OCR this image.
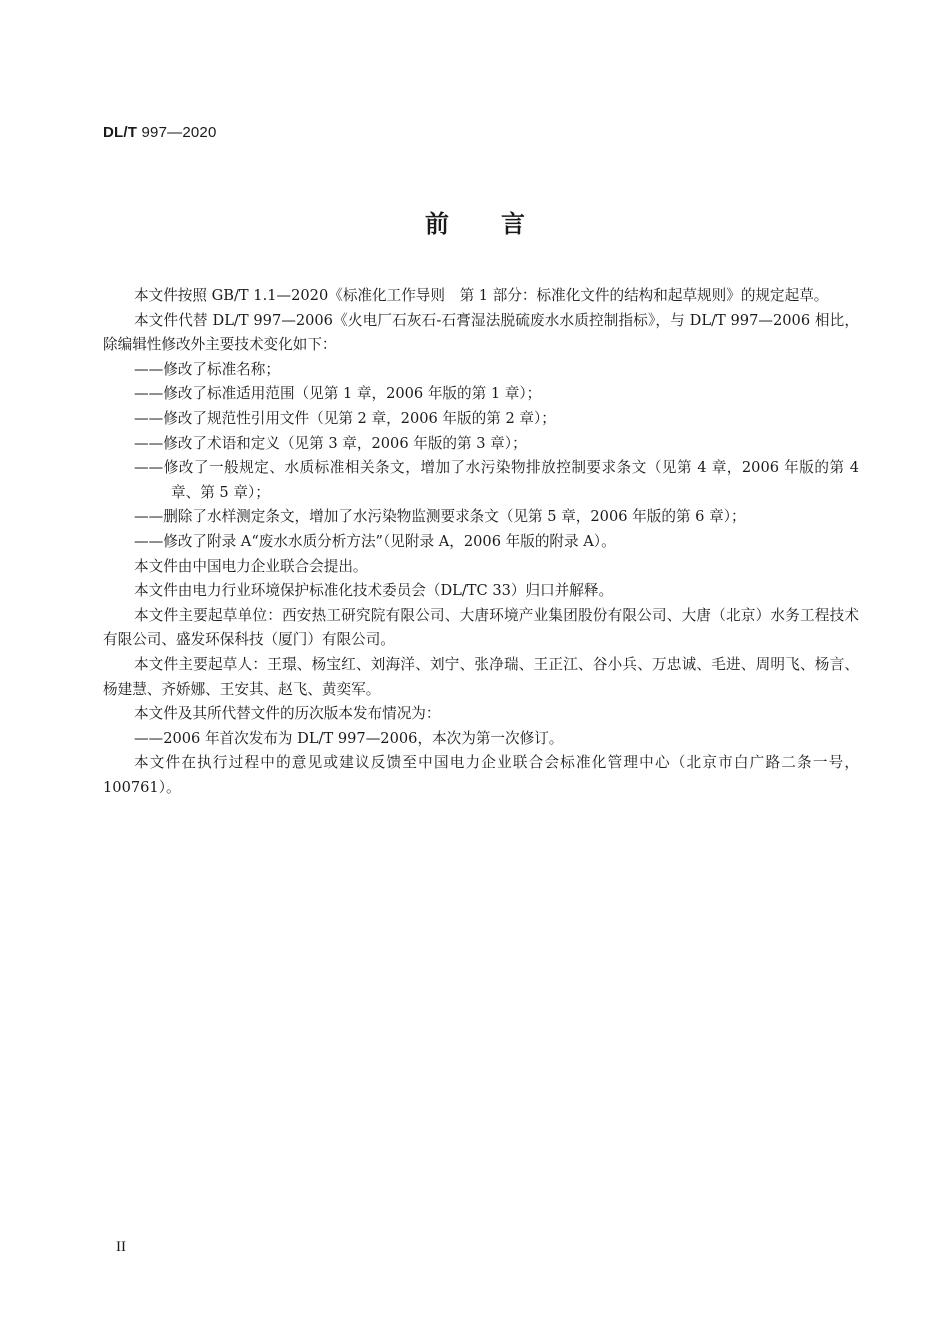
DL/T 997—2020
前言

本文件按照 GB/T 1.1—2020《标准化工作导则　第 1 部分：标准化文件的结构和起草规则》的规定起草。

本文件代替 DL/T 997—2006《火电厂石灰石-石膏湿法脱硫废水水质控制指标》，与 DL/T 997—2006 相比，除编辑性修改外主要技术变化如下：

——修改了标准名称；

——修改了标准适用范围（见第 1 章，2006 年版的第 1 章）；

——修改了规范性引用文件（见第 2 章，2006 年版的第 2 章）；

——修改了术语和定义（见第 3 章，2006 年版的第 3 章）；

——修改了一般规定、水质标准相关条文，增加了水污染物排放控制要求条文（见第 4 章，2006 年版的第 4 章、第 5 章）；

——删除了水样测定条文，增加了水污染物监测要求条文（见第 5 章，2006 年版的第 6 章）；

——修改了附录 A“废水水质分析方法”（见附录 A，2006 年版的附录 A）。

本文件由中国电力企业联合会提出。

本文件由电力行业环境保护标准化技术委员会（DL/TC 33）归口并解释。

本文件主要起草单位：西安热工研究院有限公司、大唐环境产业集团股份有限公司、大唐（北京）水务工程技术有限公司、盛发环保科技（厦门）有限公司。

本文件主要起草人：王璟、杨宝红、刘海洋、刘宁、张净瑞、王正江、谷小兵、万忠诚、毛进、周明飞、杨言、杨建慧、齐娇娜、王安其、赵飞、黄奕军。

本文件及其所代替文件的历次版本发布情况为：

——2006 年首次发布为 DL/T 997—2006，本次为第一次修订。

本文件在执行过程中的意见或建议反馈至中国电力企业联合会标准化管理中心（北京市白广路二条一号，100761）。

II
